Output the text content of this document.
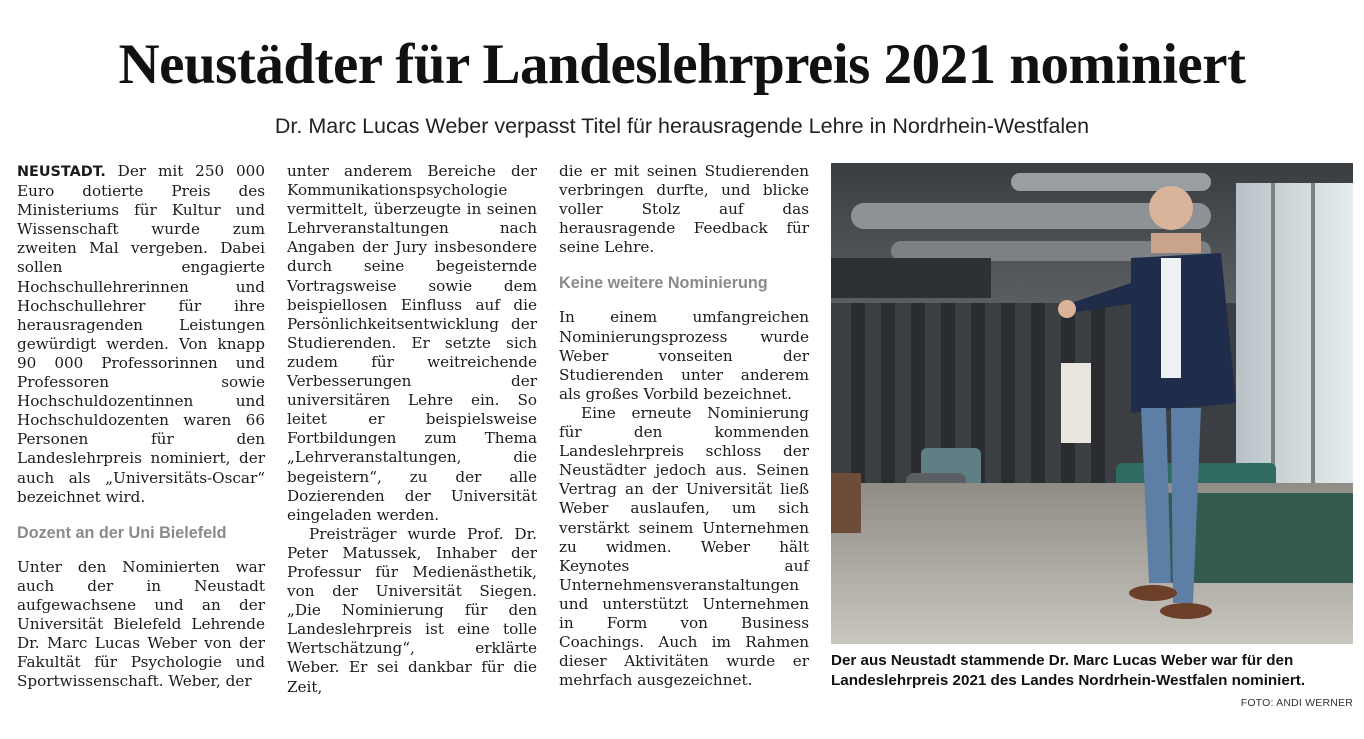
Neustädter für Landeslehrpreis 2021 nominiert
Dr. Marc Lucas Weber verpasst Titel für herausragende Lehre in Nordrhein-Westfalen

NEUSTADT. Der mit 250 000 Euro dotierte Preis des Ministeriums für Kultur und Wissenschaft wurde zum zweiten Mal vergeben. Dabei sollen engagierte Hochschullehrerinnen und Hochschullehrer für ihre herausragenden Leistungen gewürdigt werden. Von knapp 90 000 Professorinnen und Professoren sowie Hochschuldozentinnen und Hochschuldozenten waren 66 Personen für den Landeslehrpreis nominiert, der auch als „Universitäts-Oscar“ bezeichnet wird.

Dozent an der Uni Bielefeld

Unter den Nominierten war auch der in Neustadt aufgewachsene und an der Universität Bielefeld Lehrende Dr. Marc Lucas Weber von der Fakultät für Psychologie und Sportwissenschaft. Weber, der

unter anderem Bereiche der Kommunikationspsychologie vermittelt, überzeugte in seinen Lehrveranstaltungen nach Angaben der Jury insbesondere durch seine begeisternde Vortragsweise sowie dem beispiellosen Einfluss auf die Persönlichkeitsentwicklung der Studierenden. Er setzte sich zudem für weitreichende Verbesserungen der universitären Lehre ein. So leitet er beispielsweise Fortbildungen zum Thema „Lehrveranstaltungen, die begeistern“, zu der alle Dozierenden der Universität eingeladen werden.

Preisträger wurde Prof. Dr. Peter Matussek, Inhaber der Professur für Medienästhetik, von der Universität Siegen. „Die Nominierung für den Landeslehrpreis ist eine tolle Wertschätzung“, erklärte Weber. Er sei dankbar für die Zeit,

die er mit seinen Studierenden verbringen durfte, und blicke voller Stolz auf das herausragende Feedback für seine Lehre.

Keine weitere Nominierung

In einem umfangreichen Nominierungsprozess wurde Weber vonseiten der Studierenden unter anderem als großes Vorbild bezeichnet.

Eine erneute Nominierung für den kommenden Landeslehrpreis schloss der Neustädter jedoch aus. Seinen Vertrag an der Universität ließ Weber auslaufen, um sich verstärkt seinem Unternehmen zu widmen. Weber hält Keynotes auf Unternehmensveranstaltungen und unterstützt Unternehmen in Form von Business Coachings. Auch im Rahmen dieser Aktivitäten wurde er mehrfach ausgezeichnet.

Der aus Neustadt stammende Dr. Marc Lucas Weber war für den Landeslehrpreis 2021 des Landes Nordrhein-Westfalen nominiert.
FOTO: ANDI WERNER
